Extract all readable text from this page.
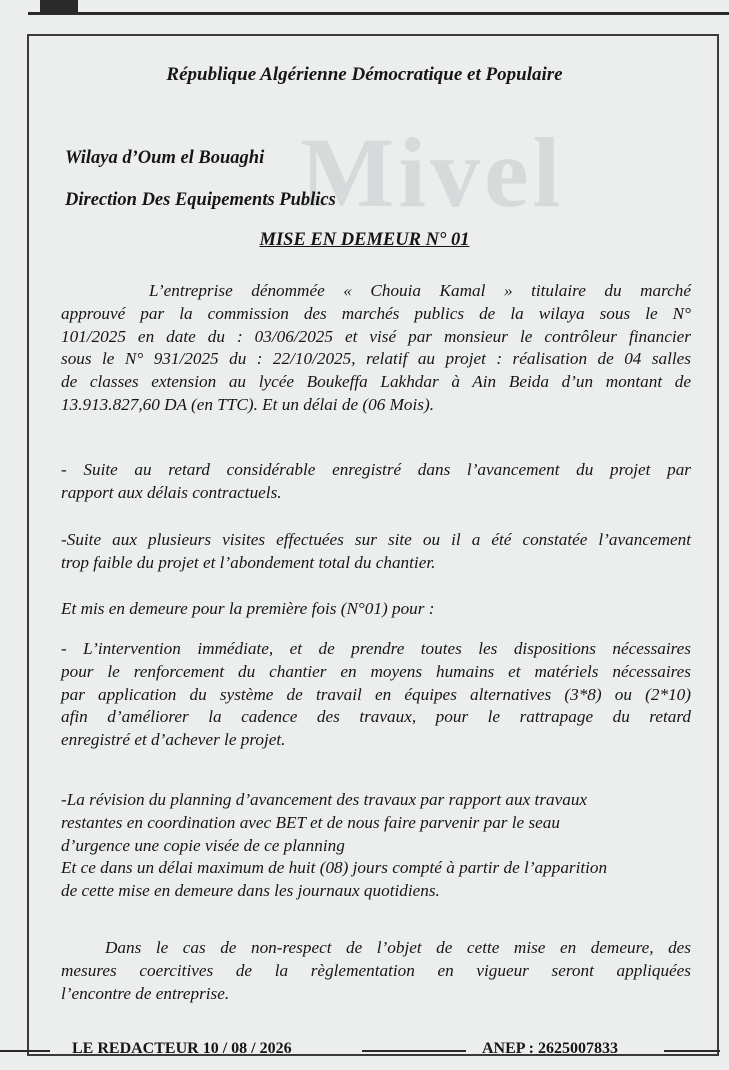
Mivel
République Algérienne Démocratique et Populaire
Wilaya d’Oum el Bouaghi
Direction Des Equipements Publics
MISE EN DEMEUR N° 01
L’entreprise dénommée « Chouia Kamal » titulaire du marché
approuvé par la commission des marchés publics de la wilaya sous le N°
101/2025 en date du : 03/06/2025 et visé par monsieur le contrôleur financier
sous le N° 931/2025 du : 22/10/2025, relatif au projet : réalisation de 04 salles
de classes extension au lycée Boukeffa Lakhdar à Ain Beida d’un montant de
13.913.827,60 DA (en TTC). Et un délai de (06 Mois).
- Suite au retard considérable enregistré dans l’avancement du projet par
rapport aux délais contractuels.
-Suite aux plusieurs visites effectuées sur site ou il a été constatée l’avancement
trop faible du projet et l’abondement total du chantier.
Et mis en demeure pour la première fois (N°01) pour :
- L’intervention immédiate, et de prendre toutes les dispositions nécessaires
pour le renforcement du chantier en moyens humains et matériels nécessaires
par application du système de travail en équipes alternatives (3*8) ou (2*10)
afin d’améliorer la cadence des travaux, pour le rattrapage du retard
enregistré et d’achever le projet.
-La révision du planning d’avancement des travaux par rapport aux travaux
restantes en coordination avec BET et de nous faire parvenir par le seau
d’urgence une copie visée de ce planning
Et ce dans un délai maximum de huit (08) jours compté à partir de l’apparition
de cette mise en demeure dans les journaux quotidiens.
Dans le cas de non-respect de l’objet de cette mise en demeure, des
mesures coercitives de la règlementation en vigueur seront appliquées
l’encontre de entreprise.
LE REDACTEUR 10 / 08 / 2026	ANEP : 2625007833
